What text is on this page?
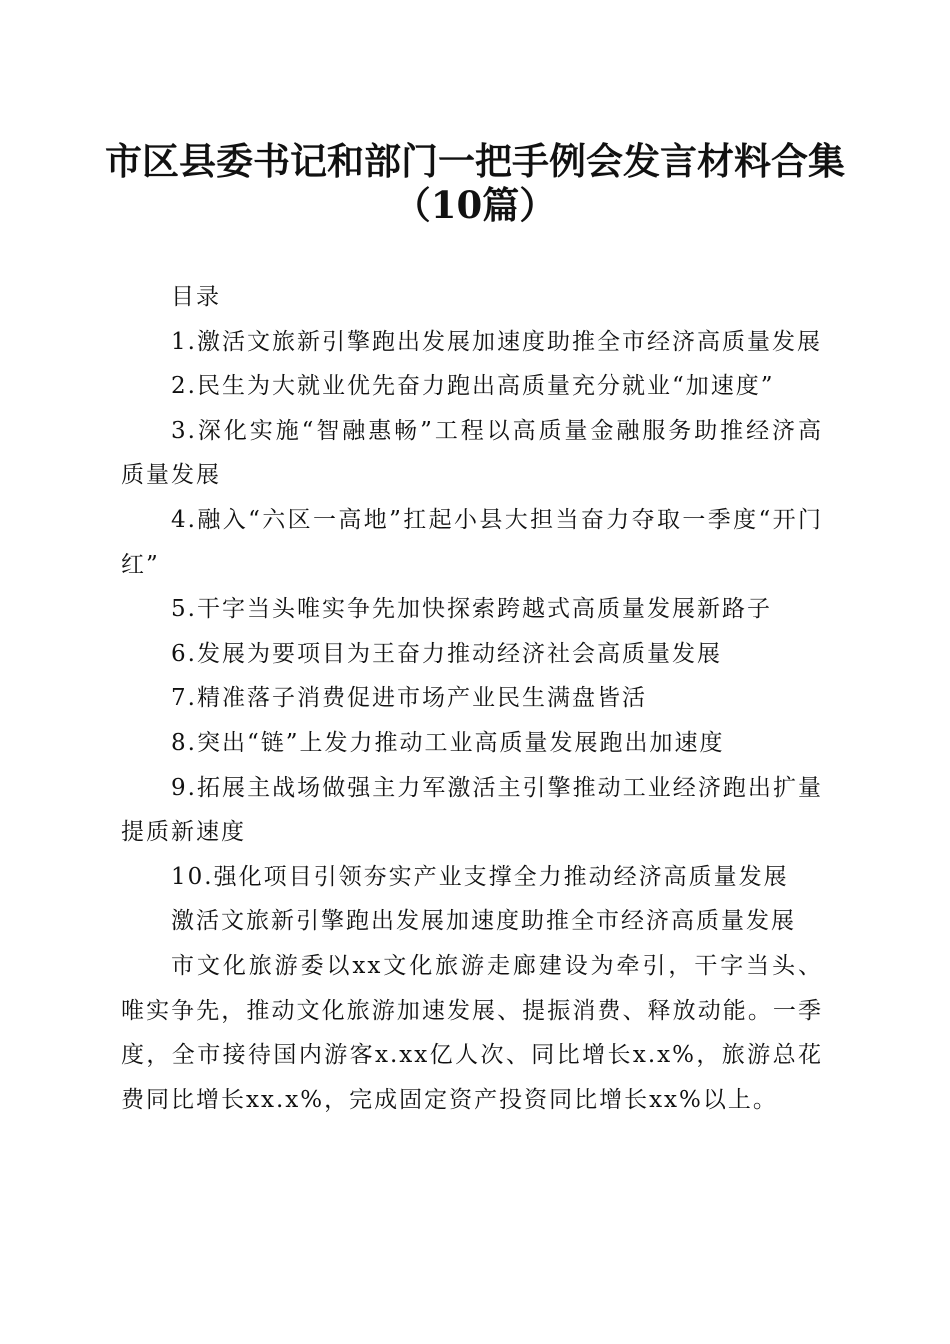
市区县委书记和部门一把手例会发言材料合集
（10篇）

目录

1.激活文旅新引擎跑出发展加速度助推全市经济高质量发展

2.民生为大就业优先奋力跑出高质量充分就业“加速度”

3.深化实施“智融惠畅”工程以高质量金融服务助推经济高质量发展

4.融入“六区一高地”扛起小县大担当奋力夺取一季度“开门红”

5.干字当头唯实争先加快探索跨越式高质量发展新路子

6.发展为要项目为王奋力推动经济社会高质量发展

7.精准落子消费促进市场产业民生满盘皆活

8.突出“链”上发力推动工业高质量发展跑出加速度

9.拓展主战场做强主力军激活主引擎推动工业经济跑出扩量提质新速度

10.强化项目引领夯实产业支撑全力推动经济高质量发展

激活文旅新引擎跑出发展加速度助推全市经济高质量发展

市文化旅游委以xx文化旅游走廊建设为牵引，干字当头、唯实争先，推动文化旅游加速发展、提振消费、释放动能。一季度，全市接待国内游客x.xx亿人次、同比增长x.x%，旅游总花费同比增长xx.x%，完成固定资产投资同比增长xx%以上。
